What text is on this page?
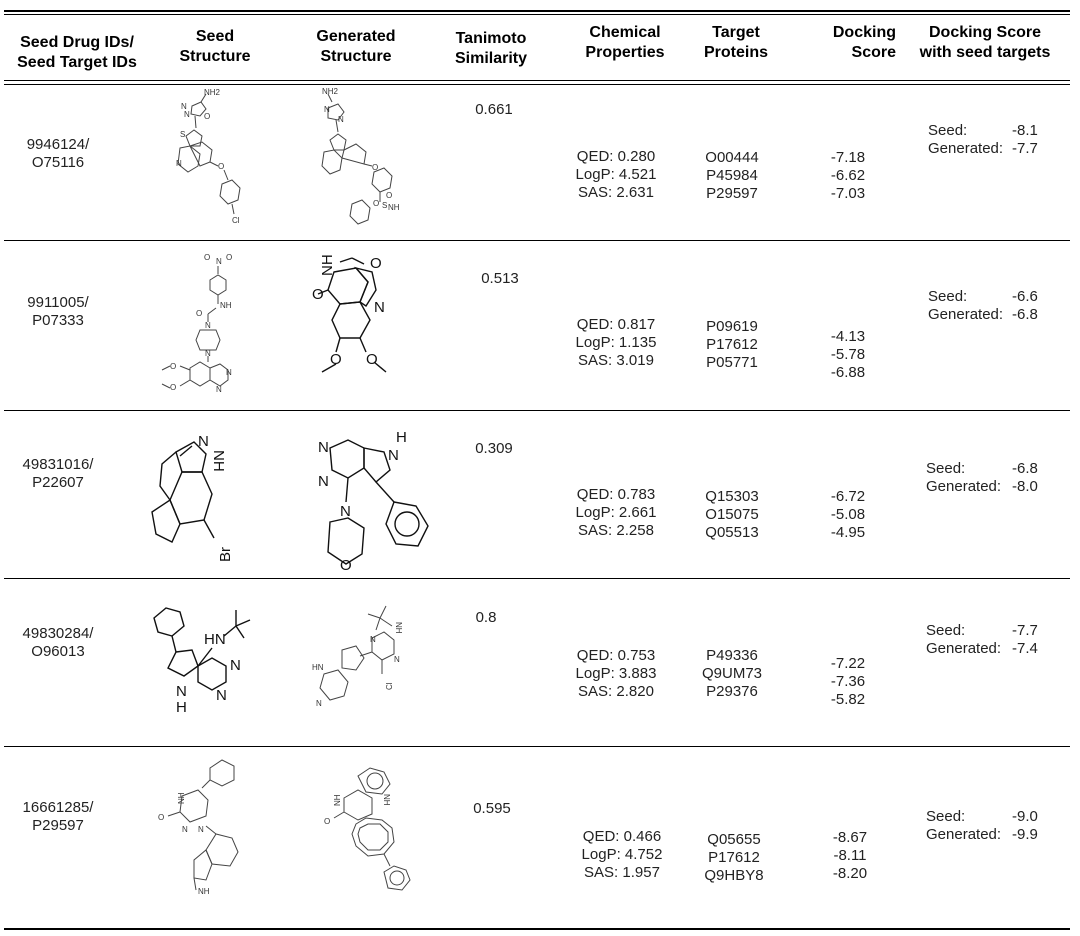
Seed Drug IDs/
Seed Target IDs
Seed
Structure
Generated
Structure
Tanimoto
Similarity
Chemical
Properties
Target
Proteins
Docking
Score
Docking Score
with seed targets

9946124/
O75116

NH2
N
N O
S
N	O
Cl
NH2
N
N
O
O S
O
NH
0.661

QED: 0.280
LogP: 4.521
SAS: 2.631

O00444
P45984
P29597

-7.18
-6.62
-7.03

Seed:	-8.1
Generated: -7.7

9911005/
P07333

O N O
NH
O
N
N
N
N
O
O
NH O
N
O
O O
0.513

QED: 0.817
LogP: 1.135
SAS: 3.019

P09619
P17612
P05771

-4.13
-5.78
-6.88

Seed:	-6.6
Generated: -6.8

49831016/
P22607

N
NH
Br
N
H
N
N
N
O
0.309

QED: 0.783
LogP: 2.661
SAS: 2.258

Q15303
O15075
Q05513

-6.72
-5.08
-4.95

Seed:	-6.8
Generated: -8.0

49830284/
O96013

HN
N
N
N
H
NH
N
N
HN
N
Cl
0.8

QED: 0.753
LogP: 3.883
SAS: 2.820

P49336
Q9UM73
P29376

-7.22
-7.36
-5.82

Seed:	-7.7
Generated: -7.4

16661285/
P29597

NH
O
N N
NH
NH
O
NH
0.595

QED: 0.466
LogP: 4.752
SAS: 1.957

Q05655
P17612
Q9HBY8

-8.67
-8.11
-8.20

Seed:	-9.0
Generated: -9.9
